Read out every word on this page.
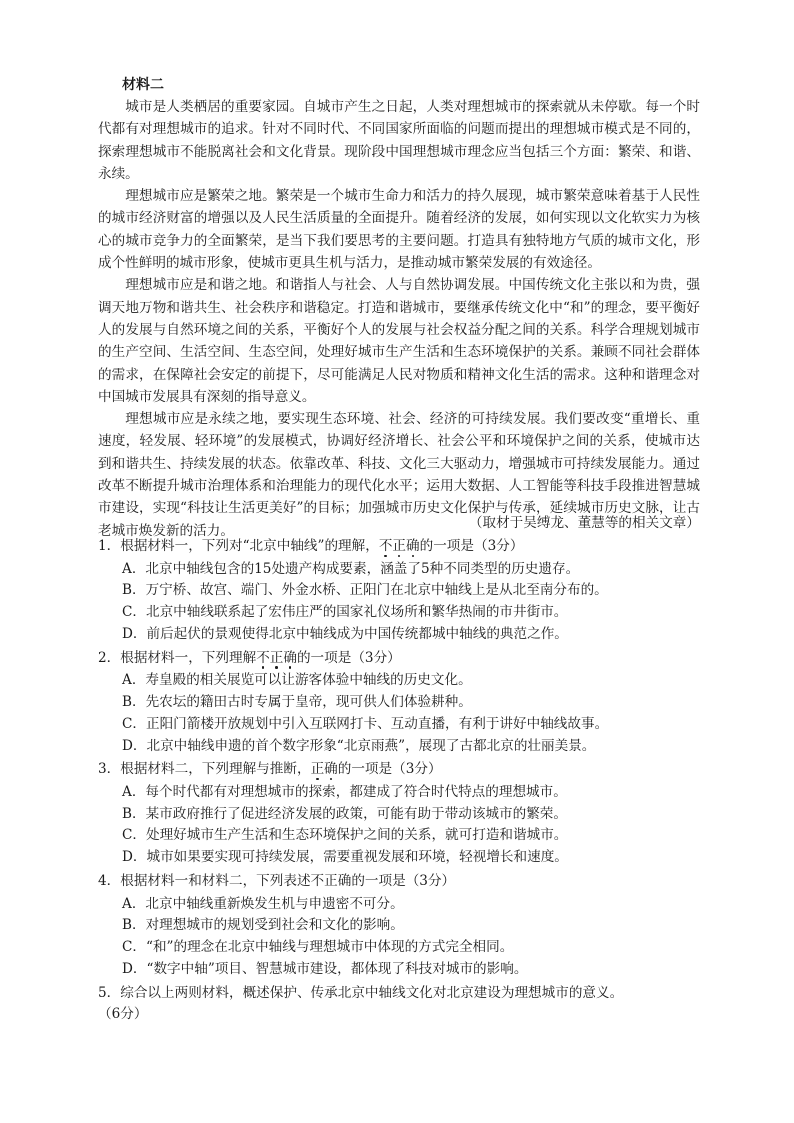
材料二

城市是人类栖居的重要家园。自城市产生之日起，人类对理想城市的探索就从未停歇。每一个时代都有对理想城市的追求。针对不同时代、不同国家所面临的问题而提出的理想城市模式是不同的，探索理想城市不能脱离社会和文化背景。现阶段中国理想城市理念应当包括三个方面：繁荣、和谐、永续。

理想城市应是繁荣之地。繁荣是一个城市生命力和活力的持久展现，城市繁荣意味着基于人民性的城市经济财富的增强以及人民生活质量的全面提升。随着经济的发展，如何实现以文化软实力为核心的城市竞争力的全面繁荣，是当下我们要思考的主要问题。打造具有独特地方气质的城市文化，形成个性鲜明的城市形象，使城市更具生机与活力，是推动城市繁荣发展的有效途径。

理想城市应是和谐之地。和谐指人与社会、人与自然协调发展。中国传统文化主张以和为贵，强调天地万物和谐共生、社会秩序和谐稳定。打造和谐城市，要继承传统文化中“和”的理念，要平衡好人的发展与自然环境之间的关系，平衡好个人的发展与社会权益分配之间的关系。科学合理规划城市的生产空间、生活空间、生态空间，处理好城市生产生活和生态环境保护的关系。兼顾不同社会群体的需求，在保障社会安定的前提下，尽可能满足人民对物质和精神文化生活的需求。这种和谐理念对中国城市发展具有深刻的指导意义。

理想城市应是永续之地，要实现生态环境、社会、经济的可持续发展。我们要改变“重增长、重速度，轻发展、轻环境”的发展模式，协调好经济增长、社会公平和环境保护之间的关系，使城市达到和谐共生、持续发展的状态。依靠改革、科技、文化三大驱动力，增强城市可持续发展能力。通过改革不断提升城市治理体系和治理能力的现代化水平；运用大数据、人工智能等科技手段推进智慧城市建设，实现“科技让生活更美好”的目标；加强城市历史文化保护与传承，延续城市历史文脉，让古老城市焕发新的活力。	（取材于吴缚龙、董慧等的相关文章）

1．根据材料一，下列对“北京中轴线”的理解，不正确的一项是（3分）

A．北京中轴线包含的15处遗产构成要素，涵盖了5种不同类型的历史遗存。
B．万宁桥、故宫、端门、外金水桥、正阳门在北京中轴线上是从北至南分布的。
C．北京中轴线联系起了宏伟庄严的国家礼仪场所和繁华热闹的市井街市。
D．前后起伏的景观使得北京中轴线成为中国传统都城中轴线的典范之作。

2．根据材料一，下列理解不正确的一项是（3分）

A．寿皇殿的相关展览可以让游客体验中轴线的历史文化。
B．先农坛的籍田古时专属于皇帝，现可供人们体验耕种。
C．正阳门箭楼开放规划中引入互联网打卡、互动直播，有利于讲好中轴线故事。
D．北京中轴线申遗的首个数字形象“北京雨燕”，展现了古都北京的壮丽美景。

3．根据材料二，下列理解与推断，正确的一项是（3分）

A．每个时代都有对理想城市的探索，都建成了符合时代特点的理想城市。
B．某市政府推行了促进经济发展的政策，可能有助于带动该城市的繁荣。
C．处理好城市生产生活和生态环境保护之间的关系，就可打造和谐城市。
D．城市如果要实现可持续发展，需要重视发展和环境，轻视增长和速度。

4．根据材料一和材料二，下列表述不正确的一项是（3分）

A．北京中轴线重新焕发生机与申遗密不可分。
B．对理想城市的规划受到社会和文化的影响。
C．“和”的理念在北京中轴线与理想城市中体现的方式完全相同。
D．“数字中轴”项目、智慧城市建设，都体现了科技对城市的影响。

5．综合以上两则材料，概述保护、传承北京中轴线文化对北京建设为理想城市的意义。

（6分）
